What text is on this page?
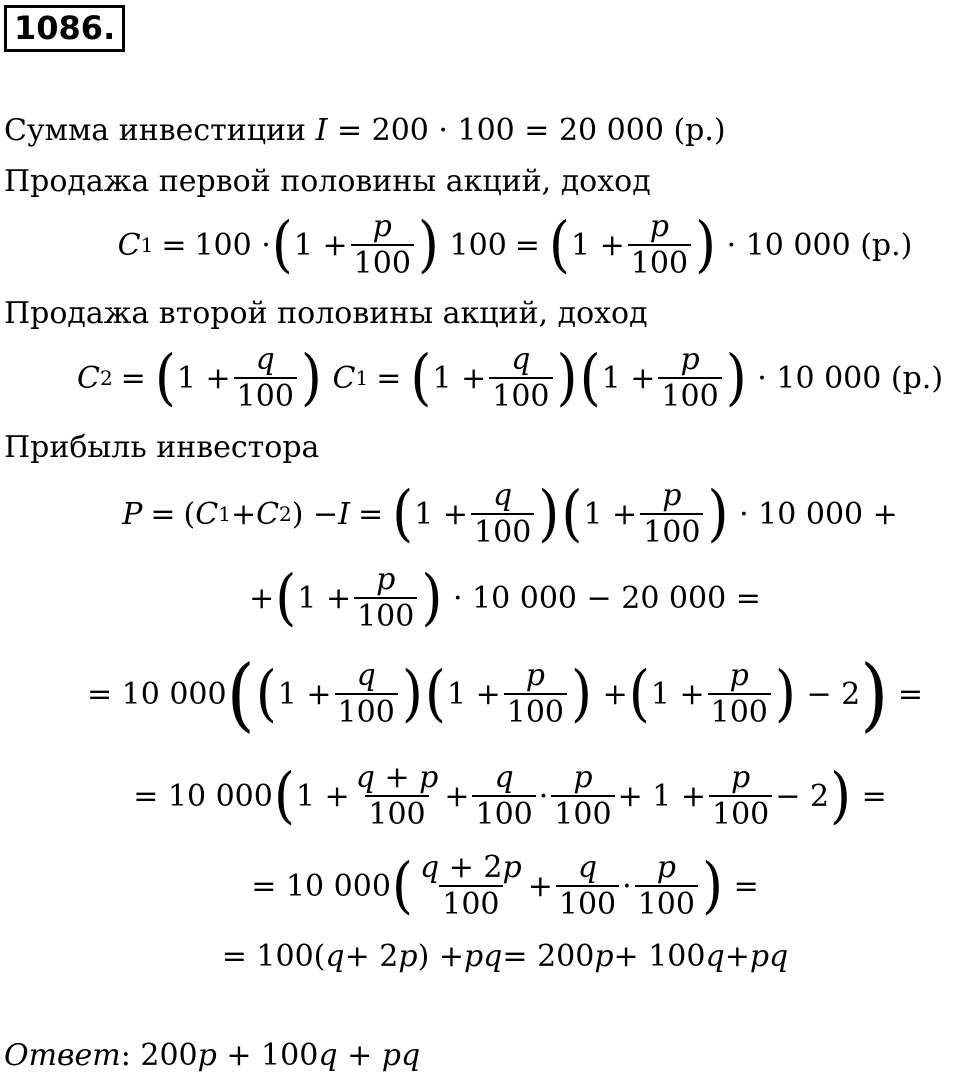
1086.
Сумма инвестиции I = 200 · 100 = 20 000 (р.)
Продажа первой половины акций, доход
C 1 = 100 · ( $1 + \frac{p}{100}$ ) 100 = ( $1 + \frac{p}{100}$ ) · 10 000 (р.)
Продажа второй половины акций, доход
C 2 = ( $1 + \frac{q}{100}$ )
C 1 = ( $1 + \frac{q}{100}$ ) ( $1 + \frac{p}{100}$ ) · 10 000 (р.)
Прибыль инвестора
P = ( C 1 + C 2 ) − I = ( $1 + \frac{q}{100}$ ) ( $1 + \frac{p}{100}$ ) · 10 000 +
+ ( $1 + \frac{p}{100}$ ) · 10 000 − 20 000 =
= 10 000 ( ( $1 + \frac{q}{100}$ ) ( $1 + \frac{p}{100}$ ) + ( $1 + \frac{p}{100}$ ) − 2 ) =
= 10 000 ( $1 + \frac{q + p}{100} + \frac{q}{100} \cdot \frac{p}{100} + 1 + \frac{p}{100} - 2$ ) =
= 10 000 ( $\frac{q + 2p}{100} + \frac{q}{100} \cdot \frac{p}{100}$ ) =
= 100( q + 2 p ) + pq = 200 p + 100 q + pq
Ответ: 200p + 100q + pq
